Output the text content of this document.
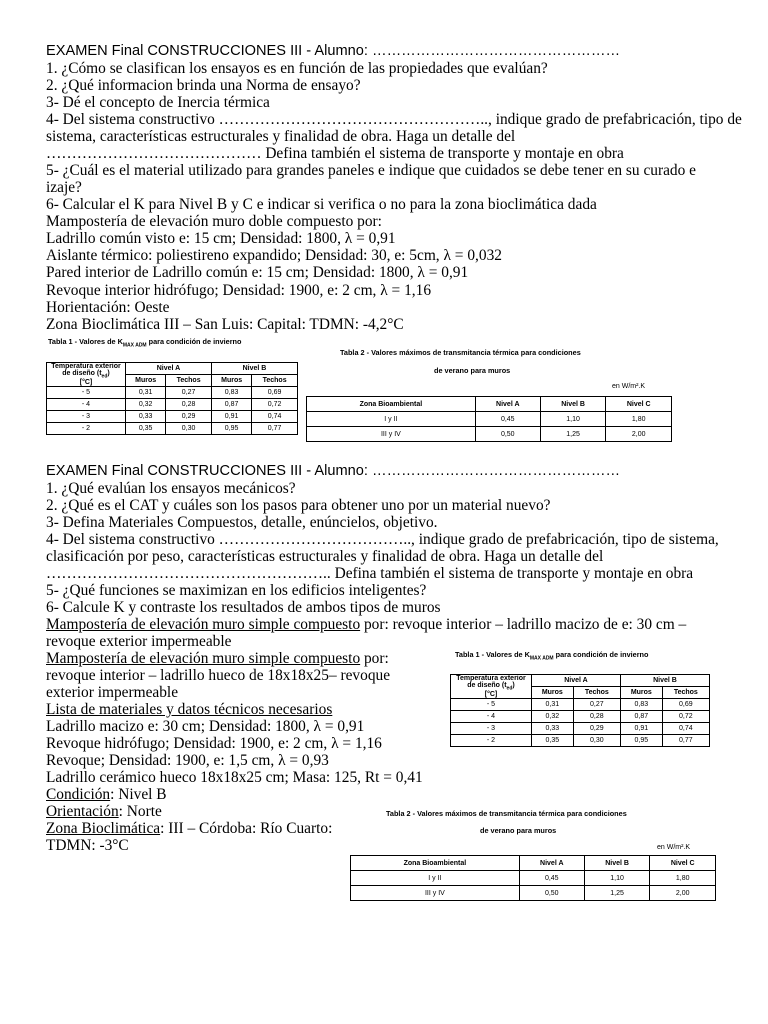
EXAMEN Final CONSTRUCCIONES III - Alumno: ……………………………………………
1. ¿Cómo se clasifican los ensayos es en función de las propiedades que evalúan?
2. ¿Qué informacion brinda una Norma de ensayo?
3- Dé el concepto de Inercia térmica
4- Del sistema constructivo …………………………………………….., indique grado de prefabricación, tipo de
sistema, características estructurales y finalidad de obra. Haga un detalle del
…………………………………… Defina también el sistema de transporte y montaje en obra
5- ¿Cuál es el material utilizado para grandes paneles e indique que cuidados se debe tener en su curado e
izaje?
6- Calcular el K para Nivel B y C e indicar si verifica o no para la zona bioclimática dada
Mampostería de elevación muro doble compuesto por:
Ladrillo común visto e: 15 cm; Densidad: 1800, λ = 0,91
Aislante térmico: poliestireno expandido; Densidad: 30, e: 5cm, λ = 0,032
Pared interior de Ladrillo común e: 15 cm; Densidad: 1800, λ = 0,91
Revoque interior hidrófugo; Densidad: 1900, e: 2 cm, λ = 1,16
Horientación: Oeste
Zona Bioclimática III – San Luis: Capital: TDMN: -4,2°C
Tabla 1 - Valores de $K_{MAX ADM}$ para condición de invierno
Temperatura exterior
de diseño $(t_{ed})$
[°C]	Nivel A		Nivel B	
	Muros	Techos	Muros	Techos
- 5	0,31	0,27	0,83	0,69
- 4	0,32	0,28	0,87	0,72
- 3	0,33	0,29	0,91	0,74
- 2	0,35	0,30	0,95	0,77
Tabla 2 - Valores máximos de transmitancia térmica para condiciones
de verano para muros
en W/m².K
Zona Bioambiental	Nivel A	Nivel B	Nivel C
I y II	0,45	1,10	1,80
III y IV	0,50	1,25	2,00
EXAMEN Final CONSTRUCCIONES III - Alumno: ……………………………………………
1. ¿Qué evalúan los ensayos mecánicos?
2. ¿Qué es el CAT y cuáles son los pasos para obtener uno por un material nuevo?
3- Defina Materiales Compuestos, detalle, enúncielos, objetivo.
4- Del sistema constructivo ……………………………….., indique grado de prefabricación, tipo de sistema,
clasificación por peso, características estructurales y finalidad de obra. Haga un detalle del
……………………………………………….. Defina también el sistema de transporte y montaje en obra
5- ¿Qué funciones se maximizan en los edificios inteligentes?
6- Calcule K y contraste los resultados de ambos tipos de muros
Mampostería de elevación muro simple compuesto por: revoque interior – ladrillo macizo de e: 30 cm –
revoque exterior impermeable
Mampostería de elevación muro simple compuesto por:
revoque interior – ladrillo hueco de 18x18x25– revoque
exterior impermeable
Lista de materiales y datos técnicos necesarios
Ladrillo macizo e: 30 cm; Densidad: 1800, λ = 0,91
Revoque hidrófugo; Densidad: 1900, e: 2 cm, λ = 1,16
Revoque; Densidad: 1900, e: 1,5 cm, λ = 0,93
Ladrillo cerámico hueco 18x18x25 cm; Masa: 125, Rt = 0,41
Condición: Nivel B
Orientación: Norte
Zona Bioclimática: III – Córdoba: Río Cuarto:
TDMN: -3°C
Tabla 1 - Valores de $K_{MAX ADM}$ para condición de invierno
Temperatura exterior
de diseño $(t_{ed})$
[°C]	Nivel A		Nivel B	
	Muros	Techos	Muros	Techos
- 5	0,31	0,27	0,83	0,69
- 4	0,32	0,28	0,87	0,72
- 3	0,33	0,29	0,91	0,74
- 2	0,35	0,30	0,95	0,77
Tabla 2 - Valores máximos de transmitancia térmica para condiciones
de verano para muros
en W/m².K
Zona Bioambiental	Nivel A	Nivel B	Nivel C
I y II	0,45	1,10	1,80
III y IV	0,50	1,25	2,00
